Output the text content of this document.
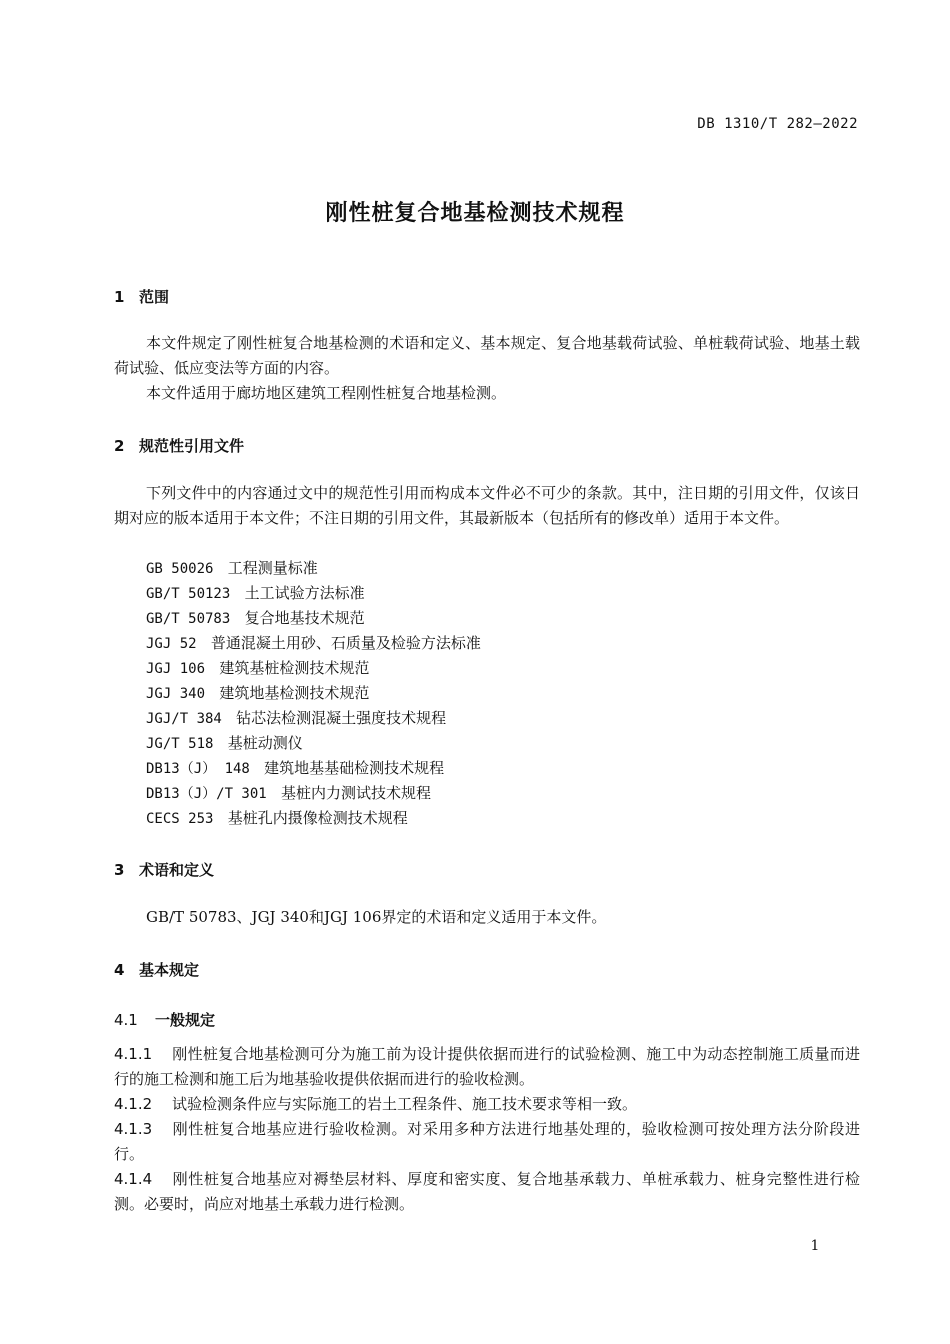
DB 1310/T 282—2022
刚性桩复合地基检测技术规程
1 范围
本文件规定了刚性桩复合地基检测的术语和定义、基本规定、复合地基载荷试验、单桩载荷试验、地基土载荷试验、低应变法等方面的内容。
本文件适用于廊坊地区建筑工程刚性桩复合地基检测。
2 规范性引用文件
下列文件中的内容通过文中的规范性引用而构成本文件必不可少的条款。其中，注日期的引用文件，仅该日期对应的版本适用于本文件；不注日期的引用文件，其最新版本（包括所有的修改单）适用于本文件。
GB 50026 工程测量标准
GB/T 50123 土工试验方法标准
GB/T 50783 复合地基技术规范
JGJ 52 普通混凝土用砂、石质量及检验方法标准
JGJ 106 建筑基桩检测技术规范
JGJ 340 建筑地基检测技术规范
JGJ/T 384 钻芯法检测混凝土强度技术规程
JG/T 518 基桩动测仪
DB13（J） 148 建筑地基基础检测技术规程
DB13（J）/T 301 基桩内力测试技术规程
CECS 253 基桩孔内摄像检测技术规程
3 术语和定义
GB/T 50783、JGJ 340和JGJ 106界定的术语和定义适用于本文件。
4 基本规定
4.1 一般规定
4.1.1 刚性桩复合地基检测可分为施工前为设计提供依据而进行的试验检测、施工中为动态控制施工质量而进行的施工检测和施工后为地基验收提供依据而进行的验收检测。
4.1.2 试验检测条件应与实际施工的岩土工程条件、施工技术要求等相一致。
4.1.3 刚性桩复合地基应进行验收检测。对采用多种方法进行地基处理的，验收检测可按处理方法分阶段进行。
4.1.4 刚性桩复合地基应对褥垫层材料、厚度和密实度、复合地基承载力、单桩承载力、桩身完整性进行检测。必要时，尚应对地基土承载力进行检测。
1
